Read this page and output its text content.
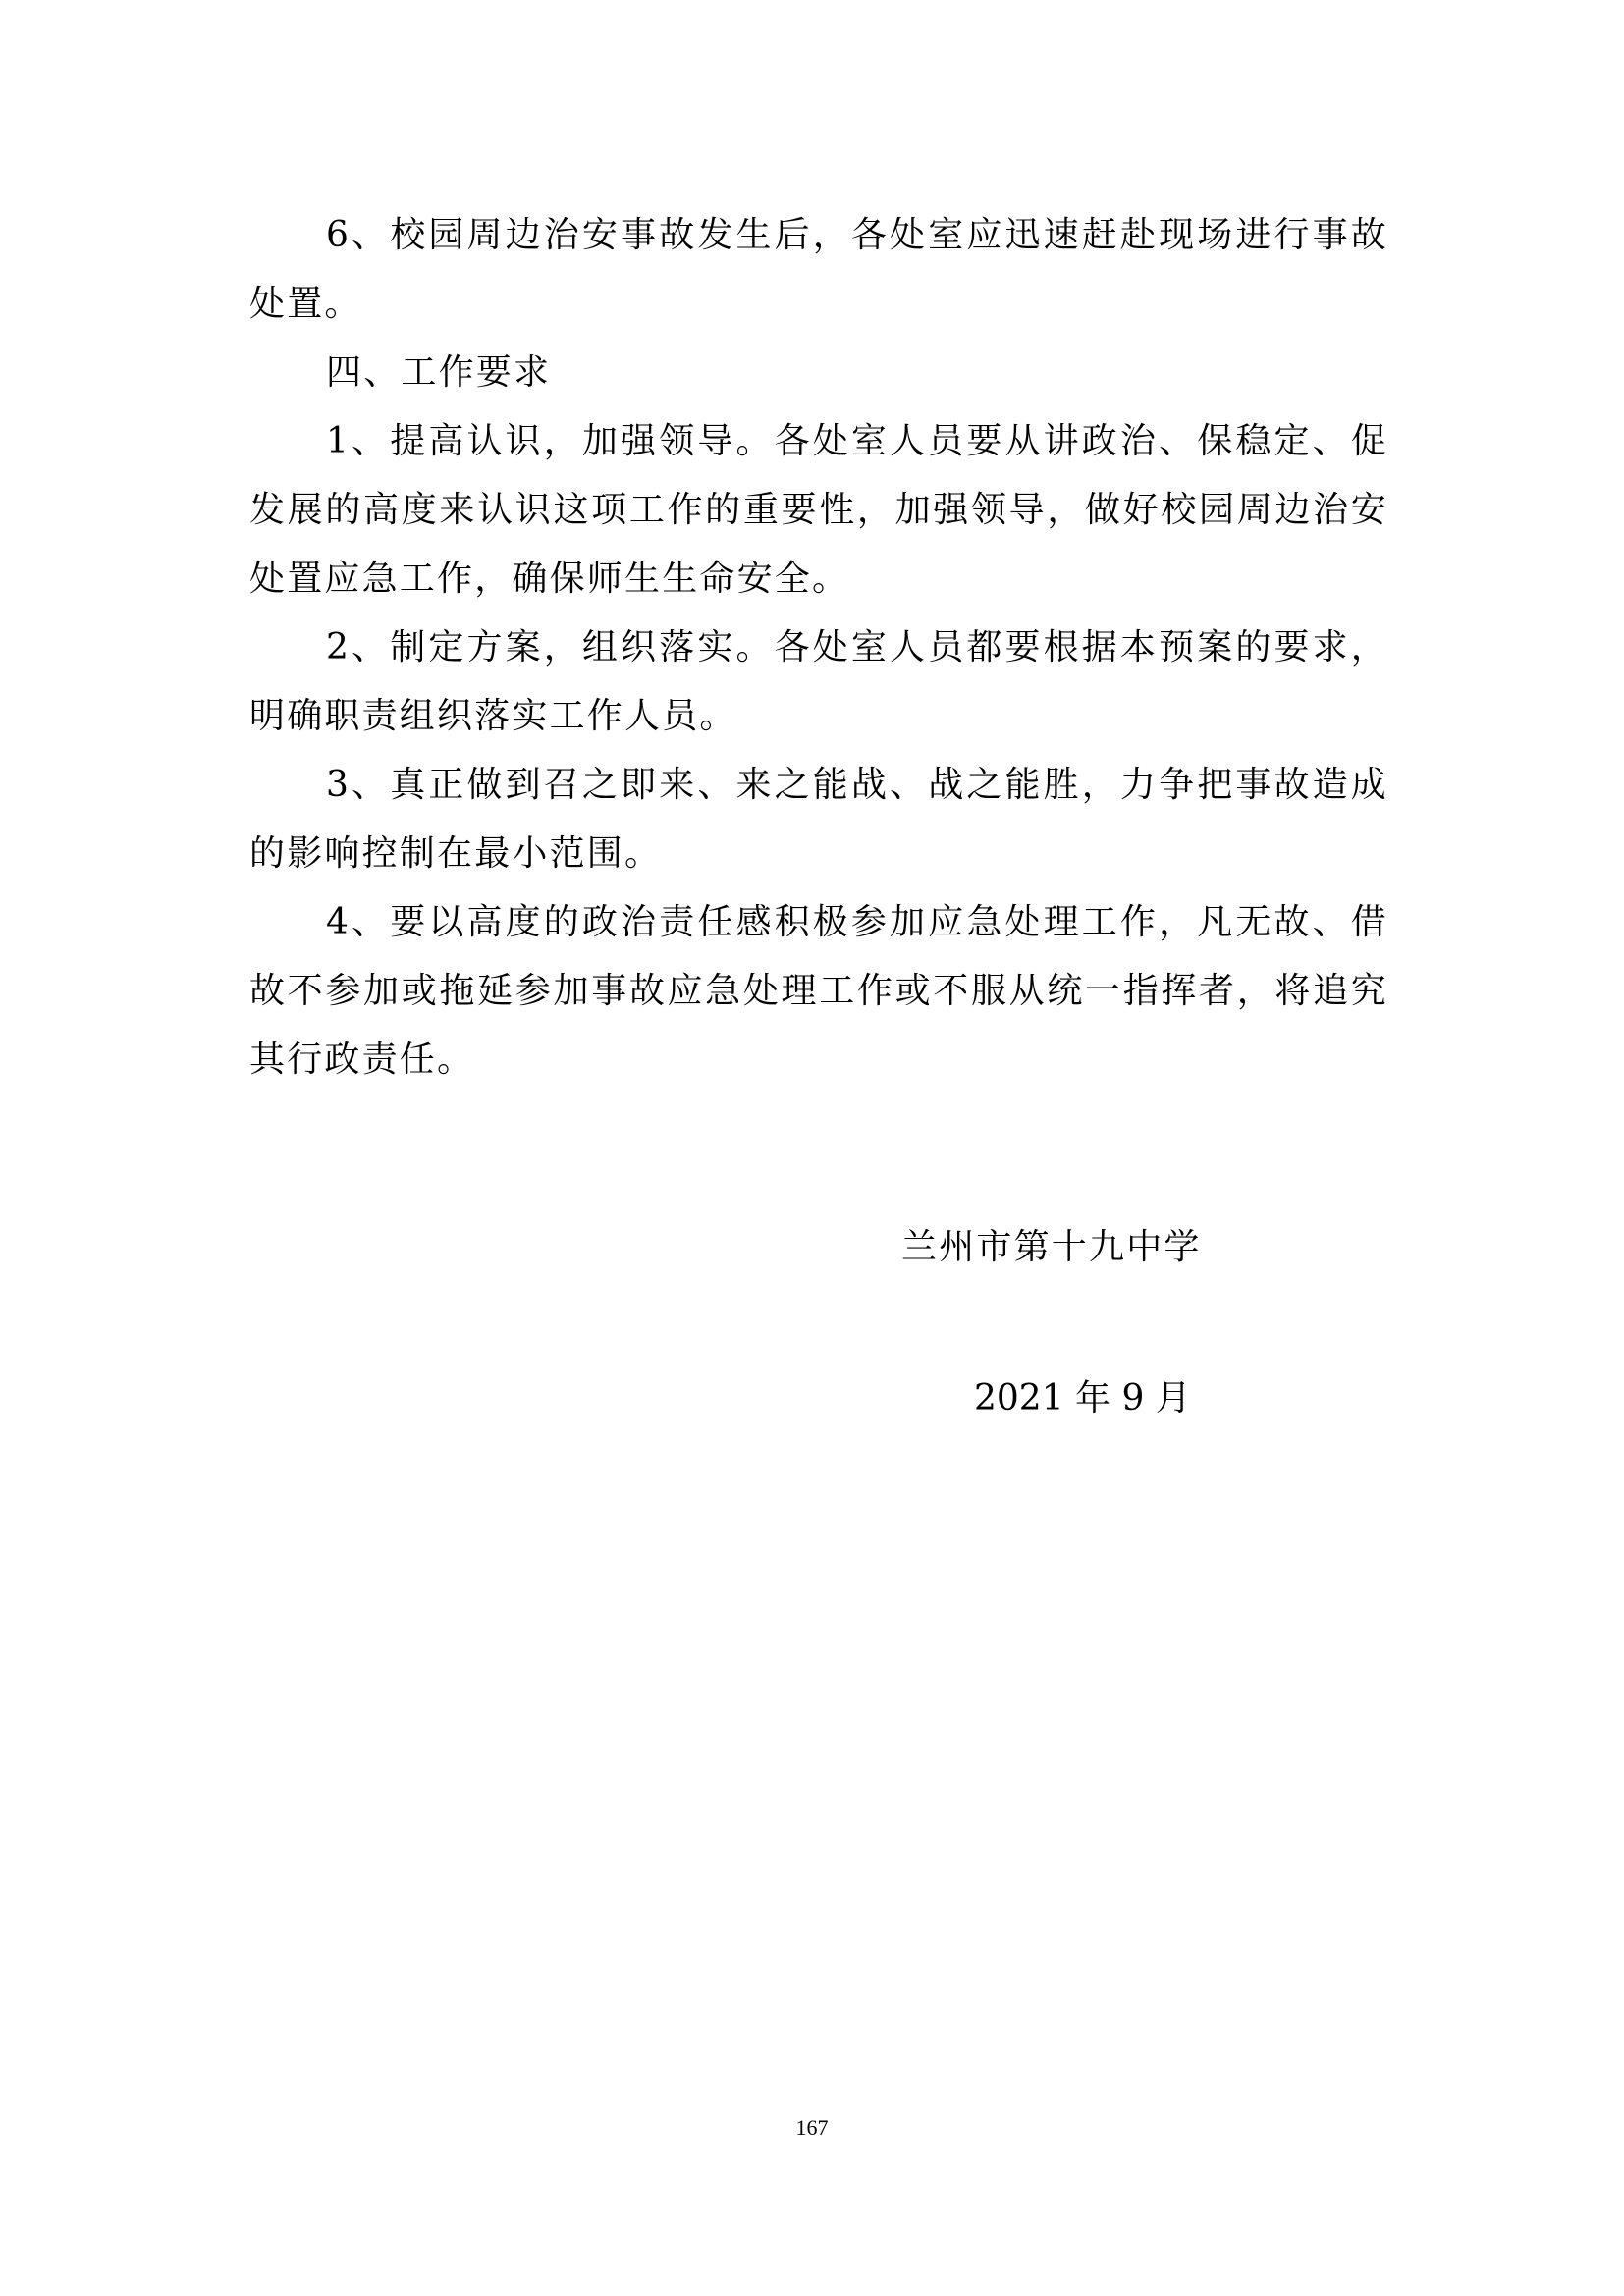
6、校园周边治安事故发生后，各处室应迅速赶赴现场进行事故处置。

四、工作要求

1、提高认识，加强领导。各处室人员要从讲政治、保稳定、促发展的高度来认识这项工作的重要性，加强领导，做好校园周边治安处置应急工作，确保师生生命安全。

2、制定方案，组织落实。各处室人员都要根据本预案的要求，明确职责组织落实工作人员。

3、真正做到召之即来、来之能战、战之能胜，力争把事故造成的影响控制在最小范围。

4、要以高度的政治责任感积极参加应急处理工作，凡无故、借故不参加或拖延参加事故应急处理工作或不服从统一指挥者，将追究其行政责任。

兰州市第十九中学
2021 年 9 月
167
